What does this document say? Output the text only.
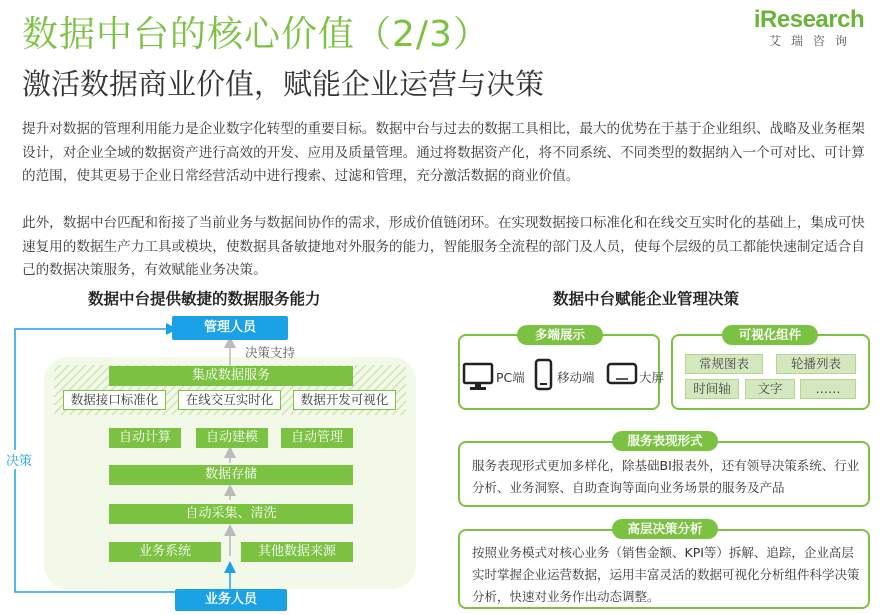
数据中台的核心价值（2/3）
激活数据商业价值，赋能企业运营与决策
iResearch
艾瑞咨询
提升对数据的管理利用能力是企业数字化转型的重要目标。数据中台与过去的数据工具相比，最大的优势在于基于企业组织、战略及业务框架设计，对企业全域的数据资产进行高效的开发、应用及质量管理。通过将数据资产化，将不同系统、不同类型的数据纳入一个可对比、可计算的范围，使其更易于企业日常经营活动中进行搜索、过滤和管理，充分激活数据的商业价值。
此外，数据中台匹配和衔接了当前业务与数据间协作的需求，形成价值链闭环。在实现数据接口标准化和在线交互实时化的基础上，集成可快速复用的数据生产力工具或模块，使数据具备敏捷地对外服务的能力，智能服务全流程的部门及人员，使每个层级的员工都能快速制定适合自己的数据决策服务，有效赋能业务决策。
数据中台提供敏捷的数据服务能力	数据中台赋能企业管理决策
管理人员
决策支持
决策
集成数据服务
数据接口标准化	在线交互实时化	数据开发可视化
自动计算	自动建模	自动管理
数据存储
自动采集、清洗
业务系统	其他数据来源
业务人员
多端展示
PC端	移动端	大屏
可视化组件
常规图表	轮播列表
时间轴	文字	……
服务表现形式
服务表现形式更加多样化，除基础BI报表外，还有领导决策系统、行业分析、业务洞察、自助查询等面向业务场景的服务及产品
高层决策分析
按照业务模式对核心业务（销售金额、KPI等）拆解、追踪，企业高层实时掌握企业运营数据，运用丰富灵活的数据可视化分析组件科学决策分析，快速对业务作出动态调整。
